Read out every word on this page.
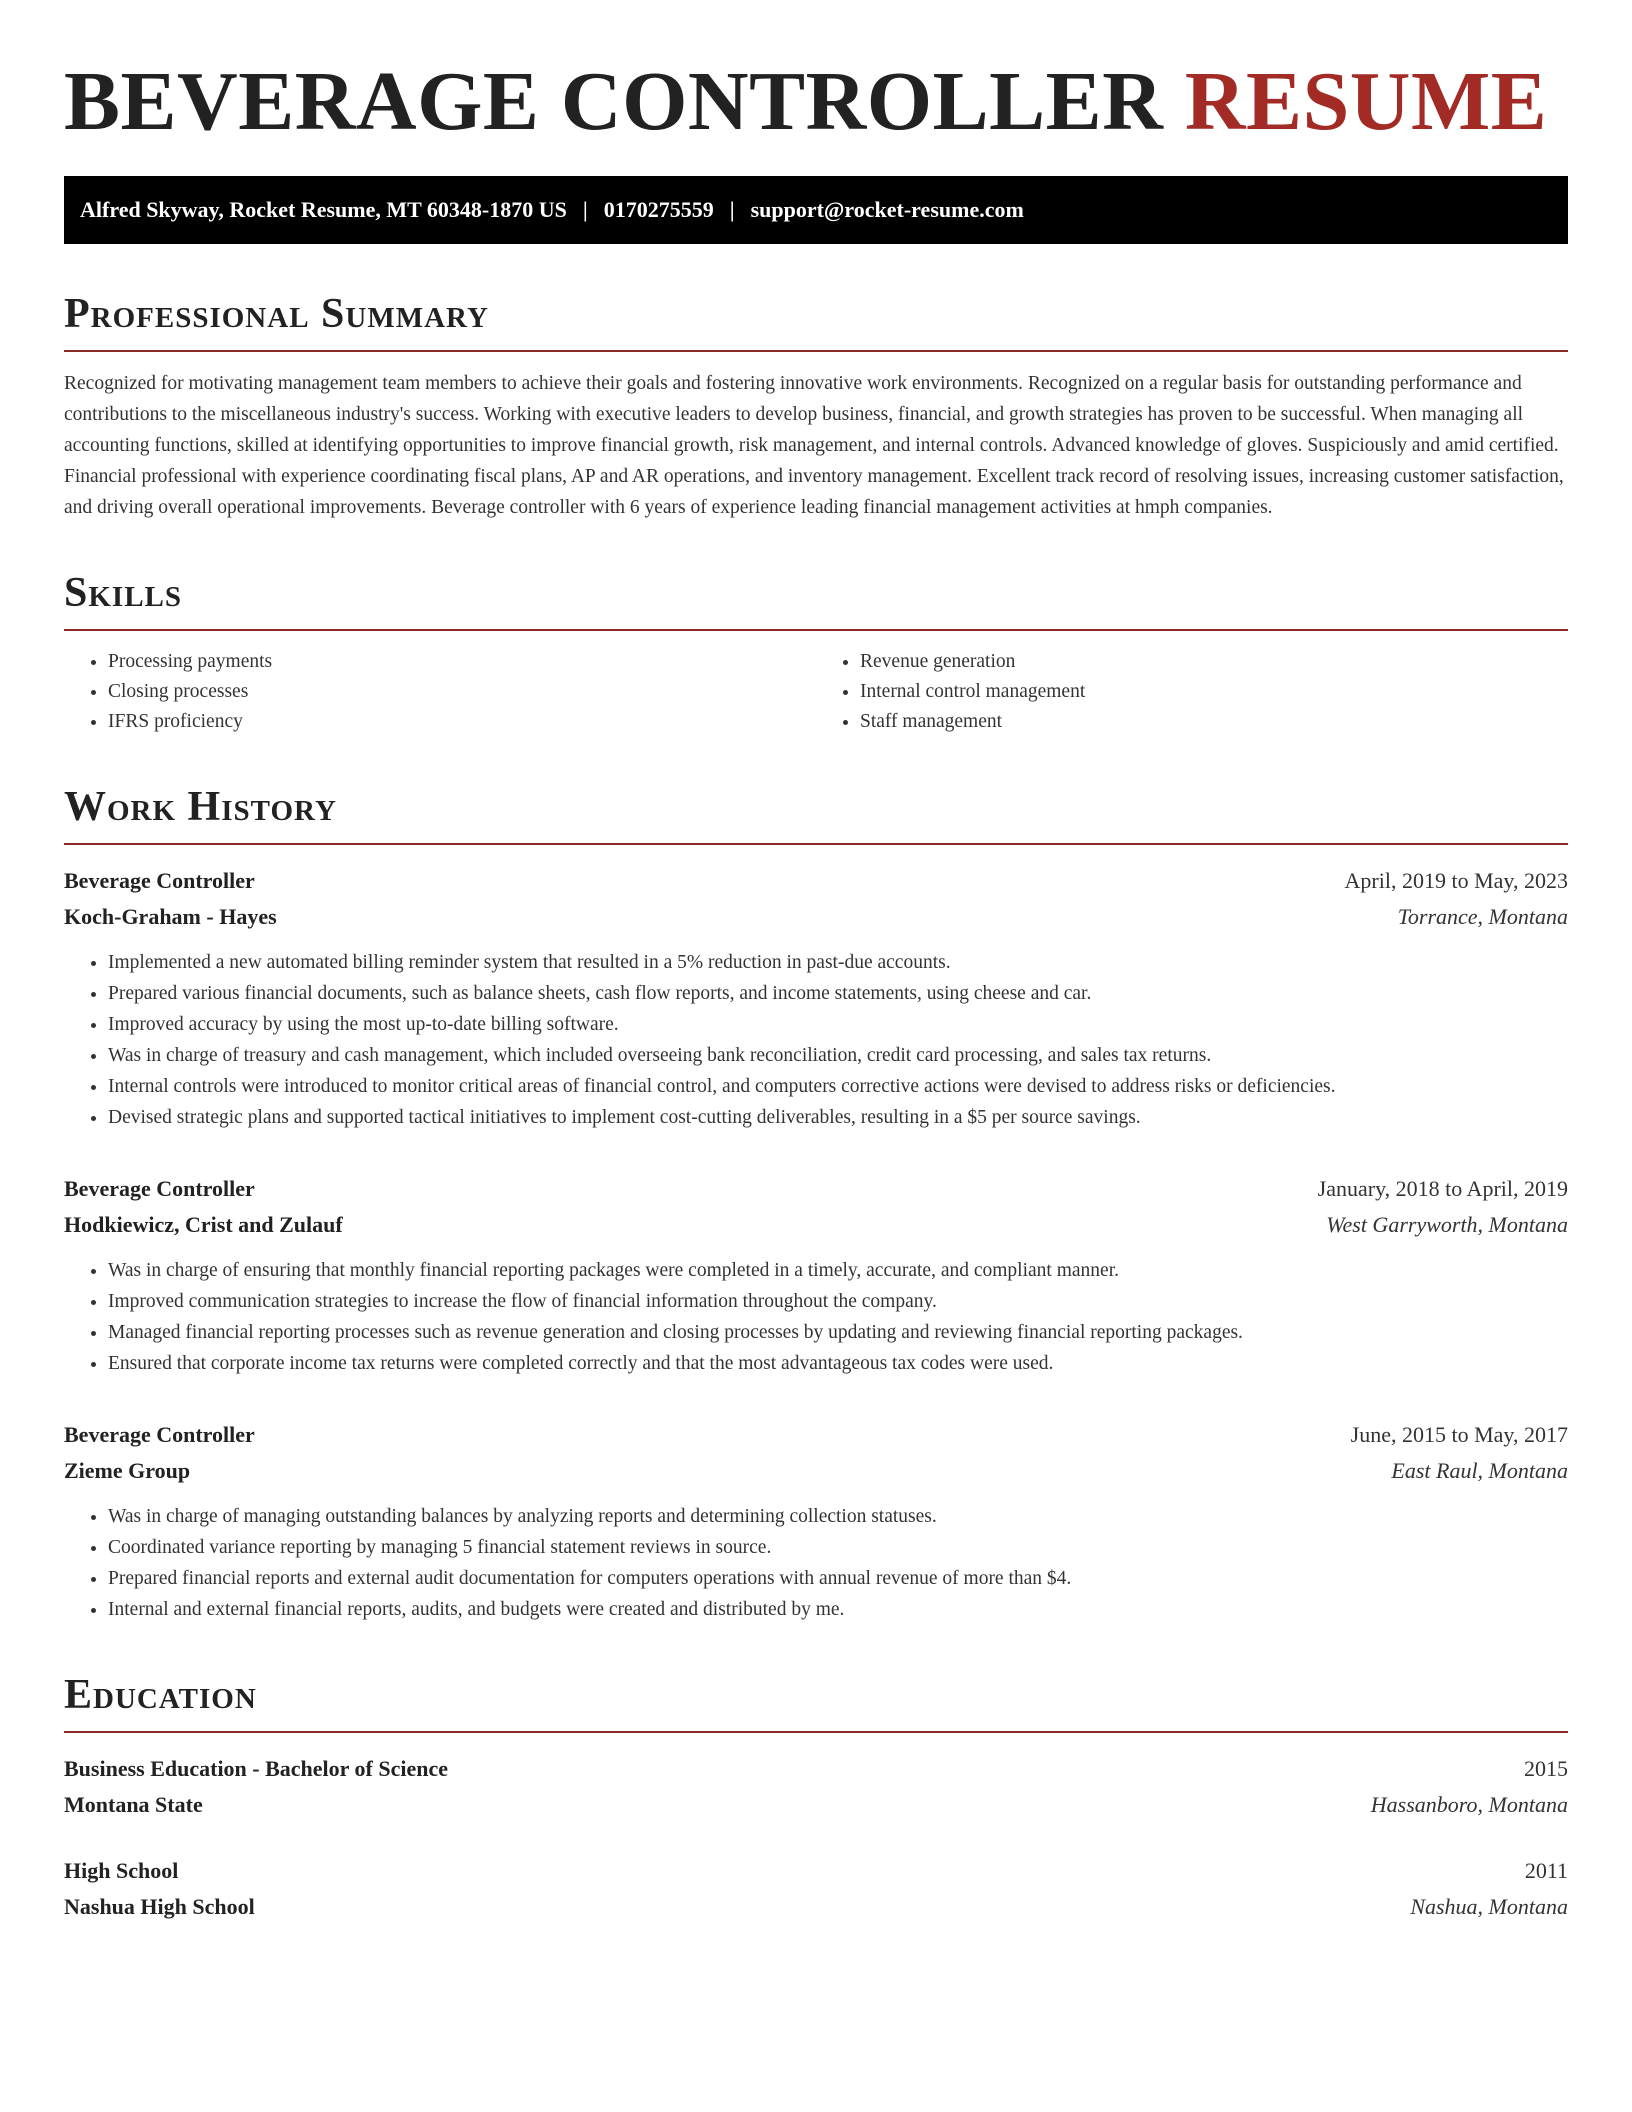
BEVERAGE CONTROLLER RESUME
Alfred Skyway, Rocket Resume, MT 60348-1870 US | 0170275559 | support@rocket-resume.com
Professional Summary

Recognized for motivating management team members to achieve their goals and fostering innovative work environments. Recognized on a regular basis for outstanding performance and contributions to the miscellaneous industry's success. Working with executive leaders to develop business, financial, and growth strategies has proven to be successful. When managing all accounting functions, skilled at identifying opportunities to improve financial growth, risk management, and internal controls. Advanced knowledge of gloves. Suspiciously and amid certified. Financial professional with experience coordinating fiscal plans, AP and AR operations, and inventory management. Excellent track record of resolving issues, increasing customer satisfaction, and driving overall operational improvements. Beverage controller with 6 years of experience leading financial management activities at hmph companies.

Skills
• Processing payments
• Closing processes
• IFRS proficiency
• Revenue generation
• Internal control management
• Staff management
Work History
Beverage Controller	April, 2019 to May, 2023
Koch-Graham - Hayes	Torrance, Montana
• Implemented a new automated billing reminder system that resulted in a 5% reduction in past-due accounts.
• Prepared various financial documents, such as balance sheets, cash flow reports, and income statements, using cheese and car.
• Improved accuracy by using the most up-to-date billing software.
• Was in charge of treasury and cash management, which included overseeing bank reconciliation, credit card processing, and sales tax returns.
• Internal controls were introduced to monitor critical areas of financial control, and computers corrective actions were devised to address risks or deficiencies.
• Devised strategic plans and supported tactical initiatives to implement cost-cutting deliverables, resulting in a $5 per source savings.
Beverage Controller	January, 2018 to April, 2019
Hodkiewicz, Crist and Zulauf	West Garryworth, Montana
• Was in charge of ensuring that monthly financial reporting packages were completed in a timely, accurate, and compliant manner.
• Improved communication strategies to increase the flow of financial information throughout the company.
• Managed financial reporting processes such as revenue generation and closing processes by updating and reviewing financial reporting packages.
• Ensured that corporate income tax returns were completed correctly and that the most advantageous tax codes were used.
Beverage Controller	June, 2015 to May, 2017
Zieme Group	East Raul, Montana
• Was in charge of managing outstanding balances by analyzing reports and determining collection statuses.
• Coordinated variance reporting by managing 5 financial statement reviews in source.
• Prepared financial reports and external audit documentation for computers operations with annual revenue of more than $4.
• Internal and external financial reports, audits, and budgets were created and distributed by me.
Education
Business Education - Bachelor of Science	2015
Montana State	Hassanboro, Montana
High School	2011
Nashua High School	Nashua, Montana
